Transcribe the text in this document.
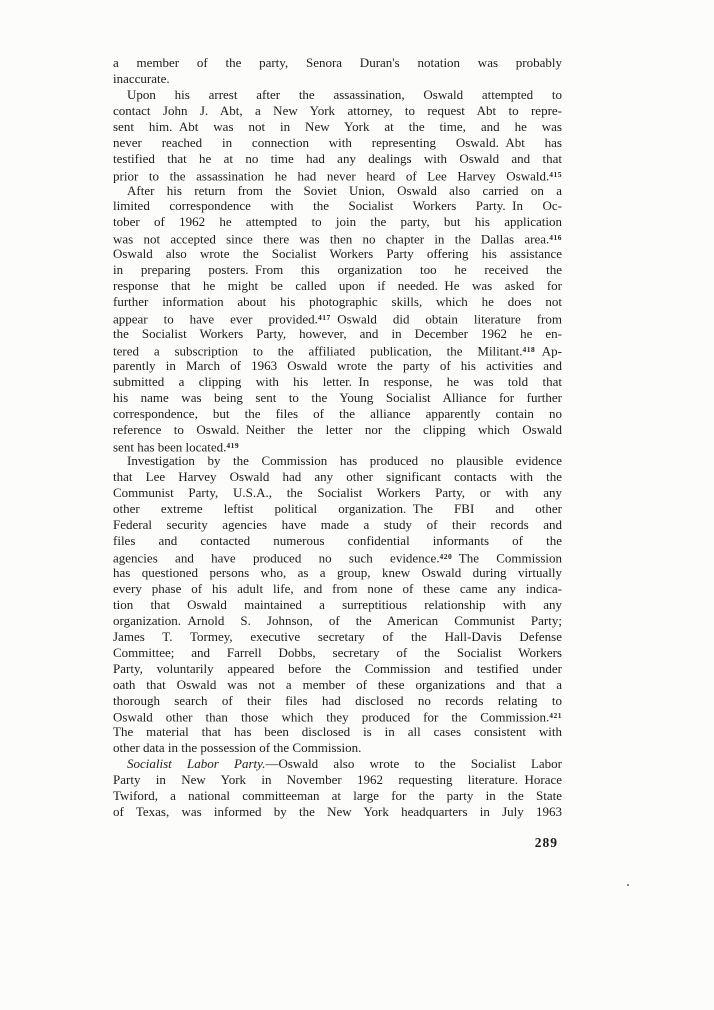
a member of the party, Senora Duran's notation was probably
inaccurate.
Upon his arrest after the assassination, Oswald attempted to
contact John J. Abt, a New York attorney, to request Abt to repre-
sent him. Abt was not in New York at the time, and he was
never reached in connection with representing Oswald. Abt has
testified that he at no time had any dealings with Oswald and that
prior to the assassination he had never heard of Lee Harvey Oswald.$^{415}$
After his return from the Soviet Union, Oswald also carried on a
limited correspondence with the Socialist Workers Party. In Oc-
tober of 1962 he attempted to join the party, but his application
was not accepted since there was then no chapter in the Dallas area.$^{416}$
Oswald also wrote the Socialist Workers Party offering his assistance
in preparing posters. From this organization too he received the
response that he might be called upon if needed. He was asked for
further information about his photographic skills, which he does not
appear to have ever provided.$^{417}$ Oswald did obtain literature from
the Socialist Workers Party, however, and in December 1962 he en-
tered a subscription to the affiliated publication, the Militant.$^{418}$ Ap-
parently in March of 1963 Oswald wrote the party of his activities and
submitted a clipping with his letter. In response, he was told that
his name was being sent to the Young Socialist Alliance for further
correspondence, but the files of the alliance apparently contain no
reference to Oswald. Neither the letter nor the clipping which Oswald
sent has been located.$^{419}$
Investigation by the Commission has produced no plausible evidence
that Lee Harvey Oswald had any other significant contacts with the
Communist Party, U.S.A., the Socialist Workers Party, or with any
other extreme leftist political organization. The FBI and other
Federal security agencies have made a study of their records and
files and contacted numerous confidential informants of the
agencies and have produced no such evidence.$^{420}$ The Commission
has questioned persons who, as a group, knew Oswald during virtually
every phase of his adult life, and from none of these came any indica-
tion that Oswald maintained a surreptitious relationship with any
organization. Arnold S. Johnson, of the American Communist Party;
James T. Tormey, executive secretary of the Hall-Davis Defense
Committee; and Farrell Dobbs, secretary of the Socialist Workers
Party, voluntarily appeared before the Commission and testified under
oath that Oswald was not a member of these organizations and that a
thorough search of their files had disclosed no records relating to
Oswald other than those which they produced for the Commission.$^{421}$
The material that has been disclosed is in all cases consistent with
other data in the possession of the Commission.
Socialist Labor Party.—Oswald also wrote to the Socialist Labor
Party in New York in November 1962 requesting literature. Horace
Twiford, a national committeeman at large for the party in the State
of Texas, was informed by the New York headquarters in July 1963
289
